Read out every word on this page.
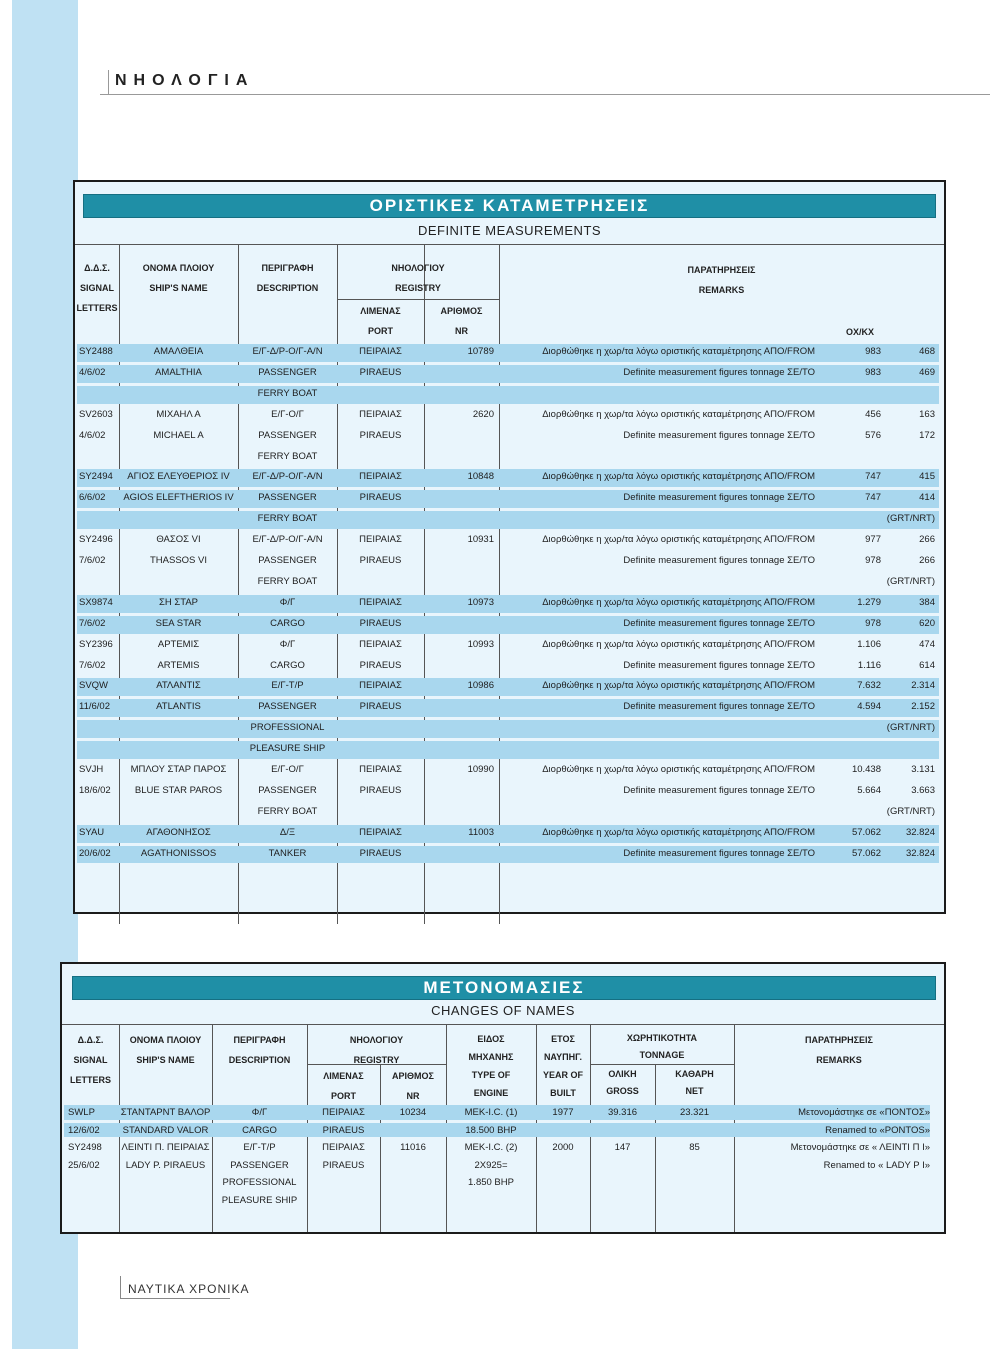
ΝΗΟΛΟΓΙΑ
ΟΡΙΣΤΙΚΕΣ ΚΑΤΑΜΕΤΡΗΣΕΙΣ
DEFINITE MEASUREMENTS
Δ.Δ.Σ.
SIGNAL
LETTERS
ΟΝΟΜΑ ΠΛΟΙΟΥ
SHIP'S NAME
ΠΕΡΙΓΡΑΦΗ
DESCRIPTION
ΝΗΟΛΟΓΙΟΥ
REGISTRY
ΛΙΜΕΝΑΣ
PORT
ΑΡΙΘΜΟΣ
NR
ΠΑΡΑΤΗΡΗΣΕΙΣ
REMARKS
ΟΧ/ΚΧ
SY2488	ΑΜΑΛΘΕΙΑ	Ε/Γ-Δ/Ρ-Ο/Γ-Α/Ν	ΠΕΙΡΑΙΑΣ	10789	Διορθώθηκε η χωρ/τα λόγω οριστικής καταμέτρησης ΑΠΟ/FROM	983	468
4/6/02	AMALTHIA	PASSENGER	PIRAEUS	Definite measurement figures tonnage ΣΕ/ΤΟ	983	469
FERRY BOAT
SV2603	ΜΙΧΑΗΛ Α	Ε/Γ-Ο/Γ	ΠΕΙΡΑΙΑΣ	2620	Διορθώθηκε η χωρ/τα λόγω οριστικής καταμέτρησης ΑΠΟ/FROM	456	163
4/6/02	MICHAEL A	PASSENGER	PIRAEUS	Definite measurement figures tonnage ΣΕ/ΤΟ	576	172
FERRY BOAT
SY2494	ΑΓΙΟΣ ΕΛΕΥΘΕΡΙΟΣ IV	Ε/Γ-Δ/Ρ-Ο/Γ-Α/Ν	ΠΕΙΡΑΙΑΣ	10848	Διορθώθηκε η χωρ/τα λόγω οριστικής καταμέτρησης ΑΠΟ/FROM	747	415
6/6/02	AGIOS ELEFTHERIOS IV	PASSENGER	PIRAEUS	Definite measurement figures tonnage ΣΕ/ΤΟ	747	414
FERRY BOAT	(GRT/NRT)
SY2496	ΘΑΣΟΣ VI	Ε/Γ-Δ/Ρ-Ο/Γ-Α/Ν	ΠΕΙΡΑΙΑΣ	10931	Διορθώθηκε η χωρ/τα λόγω οριστικής καταμέτρησης ΑΠΟ/FROM	977	266
7/6/02	THASSOS VI	PASSENGER	PIRAEUS	Definite measurement figures tonnage ΣΕ/ΤΟ	978	266
FERRY BOAT	(GRT/NRT)
SX9874	ΣΗ ΣΤΑΡ	Φ/Γ	ΠΕΙΡΑΙΑΣ	10973	Διορθώθηκε η χωρ/τα λόγω οριστικής καταμέτρησης ΑΠΟ/FROM	1.279	384
7/6/02	SEA STAR	CARGO	PIRAEUS	Definite measurement figures tonnage ΣΕ/ΤΟ	978	620
SY2396	ΑΡΤΕΜΙΣ	Φ/Γ	ΠΕΙΡΑΙΑΣ	10993	Διορθώθηκε η χωρ/τα λόγω οριστικής καταμέτρησης ΑΠΟ/FROM	1.106	474
7/6/02	ARTEMIS	CARGO	PIRAEUS	Definite measurement figures tonnage ΣΕ/ΤΟ	1.116	614
SVQW	ΑΤΛΑΝΤΙΣ	Ε/Γ-Τ/Ρ	ΠΕΙΡΑΙΑΣ	10986	Διορθώθηκε η χωρ/τα λόγω οριστικής καταμέτρησης ΑΠΟ/FROM	7.632	2.314
11/6/02	ATLANTIS	PASSENGER	PIRAEUS	Definite measurement figures tonnage ΣΕ/ΤΟ	4.594	2.152
PROFESSIONAL	(GRT/NRT)
PLEASURE SHIP
SVJH	ΜΠΛΟΥ ΣΤΑΡ ΠΑΡΟΣ	Ε/Γ-Ο/Γ	ΠΕΙΡΑΙΑΣ	10990	Διορθώθηκε η χωρ/τα λόγω οριστικής καταμέτρησης ΑΠΟ/FROM	10.438	3.131
18/6/02	BLUE STAR PAROS	PASSENGER	PIRAEUS	Definite measurement figures tonnage ΣΕ/ΤΟ	5.664	3.663
FERRY BOAT	(GRT/NRT)
SYAU	ΑΓΑΘΟΝΗΣΟΣ	Δ/Ξ	ΠΕΙΡΑΙΑΣ	11003	Διορθώθηκε η χωρ/τα λόγω οριστικής καταμέτρησης ΑΠΟ/FROM	57.062	32.824
20/6/02	AGATHONISSOS	TANKER	PIRAEUS	Definite measurement figures tonnage ΣΕ/ΤΟ	57.062	32.824
ΜΕΤΟΝΟΜΑΣΙΕΣ
CHANGES OF NAMES
Δ.Δ.Σ.
SIGNAL
LETTERS
ΟΝΟΜΑ ΠΛΟΙΟΥ
SHIP'S NAME
ΠΕΡΙΓΡΑΦΗ
DESCRIPTION
ΝΗΟΛΟΓΙΟΥ
REGISTRY
ΛΙΜΕΝΑΣ
PORT
ΑΡΙΘΜΟΣ
NR
ΕΙΔΟΣ
ΜΗΧΑΝΗΣ
TYPE OF
ENGINE
ΕΤΟΣ
ΝΑΥΠΗΓ.
YEAR OF
BUILT
ΧΩΡΗΤΙΚΟΤΗΤΑ
TONNAGE
ΟΛΙΚΗ
GROSS
ΚΑΘΑΡΗ
NET
ΠΑΡΑΤΗΡΗΣΕΙΣ
REMARKS
SWLP	ΣΤΑΝΤΑΡΝΤ ΒΑΛΟΡ	Φ/Γ	ΠΕΙΡΑΙΑΣ	10234	ΜΕΚ-I.C. (1)	1977	39.316	23.321	Μετονομάστηκε σε «ΠΟΝΤΟΣ»
12/6/02	STANDARD VALOR	CARGO	PIRAEUS	18.500 BHP	Renamed to «PONTOS»
SY2498	ΛΕΙΝΤΙ Π. ΠΕΙΡΑΙΑΣ	Ε/Γ-Τ/Ρ	ΠΕΙΡΑΙΑΣ	11016	ΜΕΚ-I.C. (2)	2000	147	85	Μετονομάστηκε σε « ΛΕΙΝΤΙ Π Ι»
25/6/02	LADY P. PIRAEUS	PASSENGER	PIRAEUS	2X925=	Renamed to « LADY P I»
PROFESSIONAL	1.850 BHP
PLEASURE SHIP
ΝΑΥΤΙΚΑ ΧΡΟΝΙΚΑ
